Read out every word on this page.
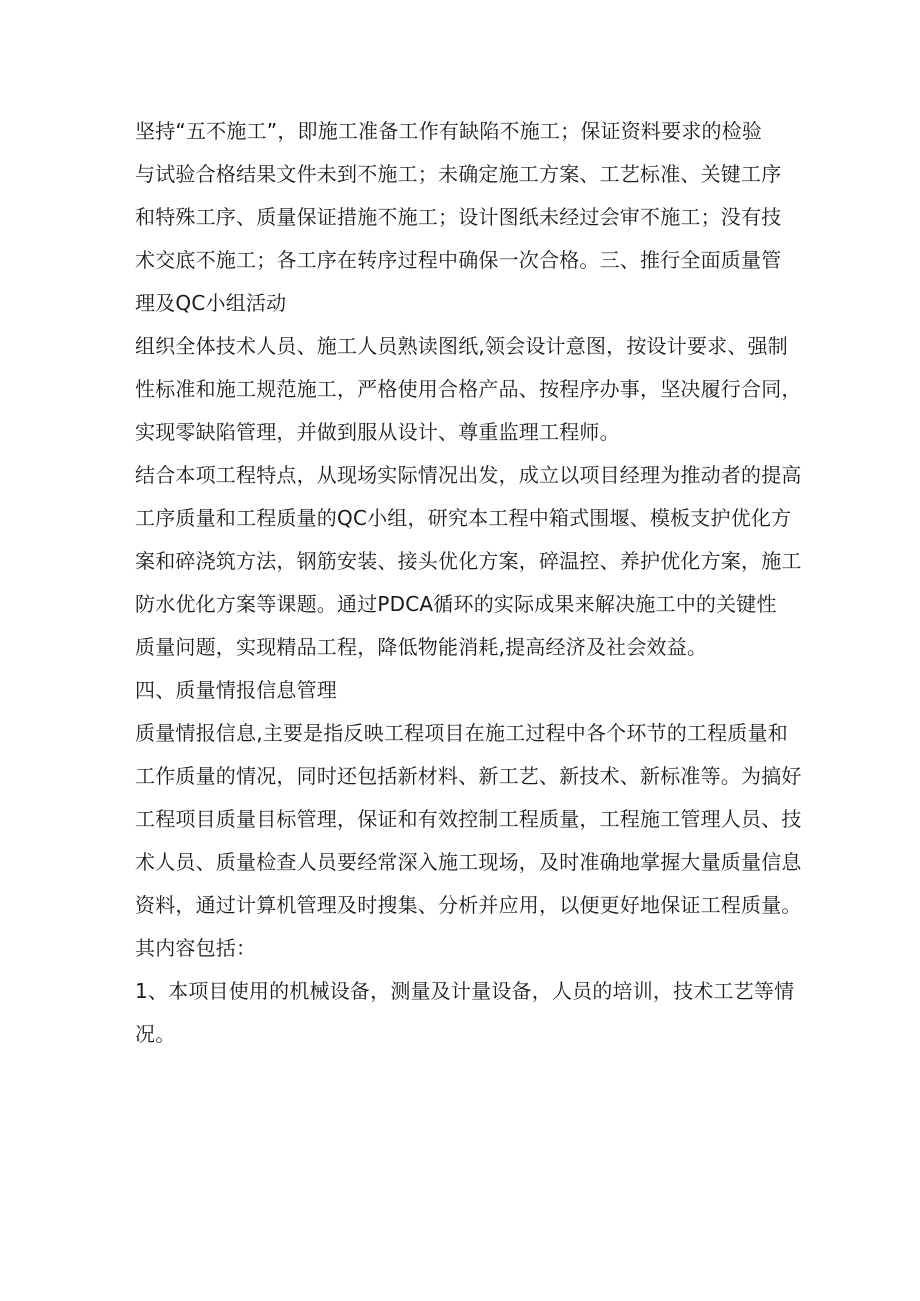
坚持“五不施工”，即施工准备工作有缺陷不施工；保证资料要求的检验
与试验合格结果文件未到不施工；未确定施工方案、工艺标准、关键工序
和特殊工序、质量保证措施不施工；设计图纸未经过会审不施工；没有技
术交底不施工；各工序在转序过程中确保一次合格。三、推行全面质量管
理及QC小组活动
组织全体技术人员、施工人员熟读图纸,领会设计意图，按设计要求、强制
性标准和施工规范施工，严格使用合格产品、按程序办事，坚决履行合同，
实现零缺陷管理，并做到服从设计、尊重监理工程师。
结合本项工程特点，从现场实际情况出发，成立以项目经理为推动者的提高
工序质量和工程质量的QC小组，研究本工程中箱式围堰、模板支护优化方
案和碎浇筑方法，钢筋安装、接头优化方案，碎温控、养护优化方案，施工
防水优化方案等课题。通过PDCA循环的实际成果来解决施工中的关键性
质量问题，实现精品工程，降低物能消耗,提高经济及社会效益。
四、质量情报信息管理
质量情报信息,主要是指反映工程项目在施工过程中各个环节的工程质量和
工作质量的情况，同时还包括新材料、新工艺、新技术、新标准等。为搞好
工程项目质量目标管理，保证和有效控制工程质量，工程施工管理人员、技
术人员、质量检查人员要经常深入施工现场，及时准确地掌握大量质量信息
资料，通过计算机管理及时搜集、分析并应用，以便更好地保证工程质量。
其内容包括：
1、本项目使用的机械设备，测量及计量设备，人员的培训，技术工艺等情
况。
